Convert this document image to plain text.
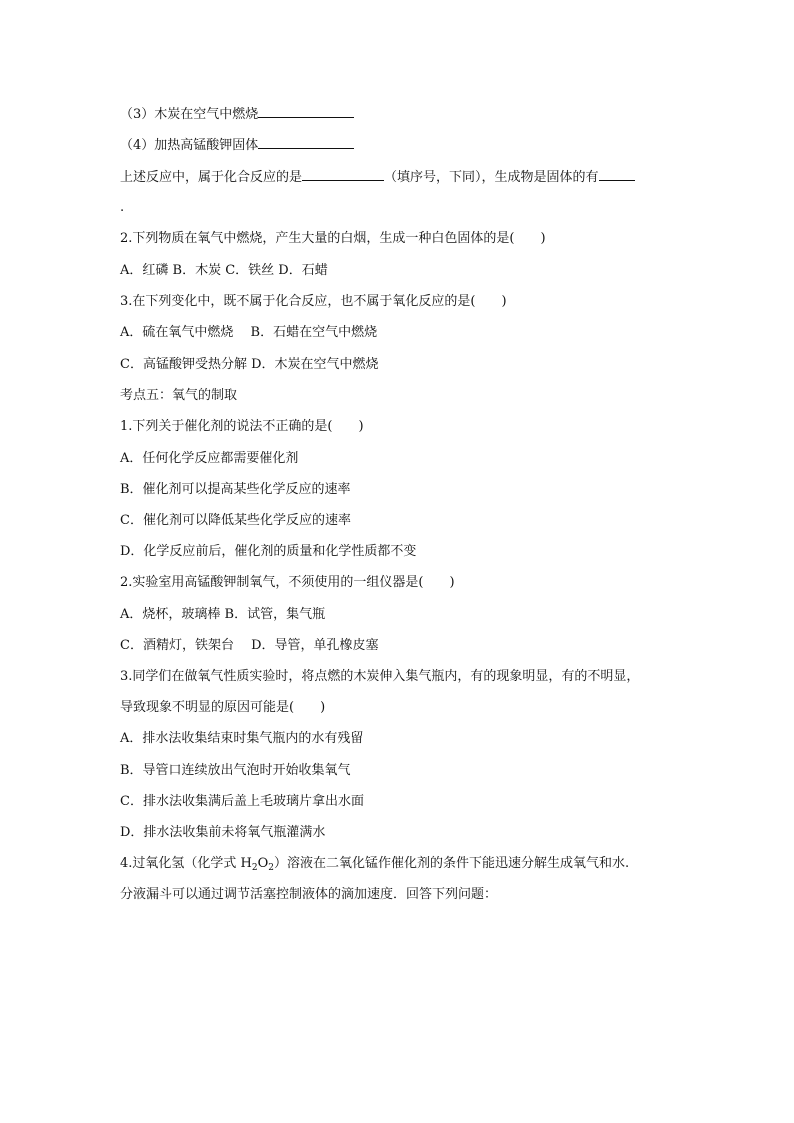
（3）木炭在空气中燃烧
（4）加热高锰酸钾固体
上述反应中，属于化合反应的是	（填序号，下同），生成物是固体的有
.
2.下列物质在氧气中燃烧，产生大量的白烟，生成一种白色固体的是(　　)
A．红磷 B．木炭 C．铁丝 D．石蜡
3.在下列变化中，既不属于化合反应，也不属于氧化反应的是(　　)
A．硫在氧气中燃烧　 B．石蜡在空气中燃烧
C．高锰酸钾受热分解 D．木炭在空气中燃烧
考点五：氧气的制取
1.下列关于催化剂的说法不正确的是(　　)
A．任何化学反应都需要催化剂
B．催化剂可以提高某些化学反应的速率
C．催化剂可以降低某些化学反应的速率
D．化学反应前后，催化剂的质量和化学性质都不变
2.实验室用高锰酸钾制氧气，不须使用的一组仪器是(　　)
A．烧杯，玻璃棒 B．试管，集气瓶
C．酒精灯，铁架台　 D．导管，单孔橡皮塞
3.同学们在做氧气性质实验时，将点燃的木炭伸入集气瓶内，有的现象明显，有的不明显，
导致现象不明显的原因可能是(　　)
A．排水法收集结束时集气瓶内的水有残留
B．导管口连续放出气泡时开始收集氧气
C．排水法收集满后盖上毛玻璃片拿出水面
D．排水法收集前未将氧气瓶灌满水
4.过氧化氢（化学式 $H_2O_2$）溶液在二氧化锰作催化剂的条件下能迅速分解生成氧气和水.
分液漏斗可以通过调节活塞控制液体的滴加速度．回答下列问题：
